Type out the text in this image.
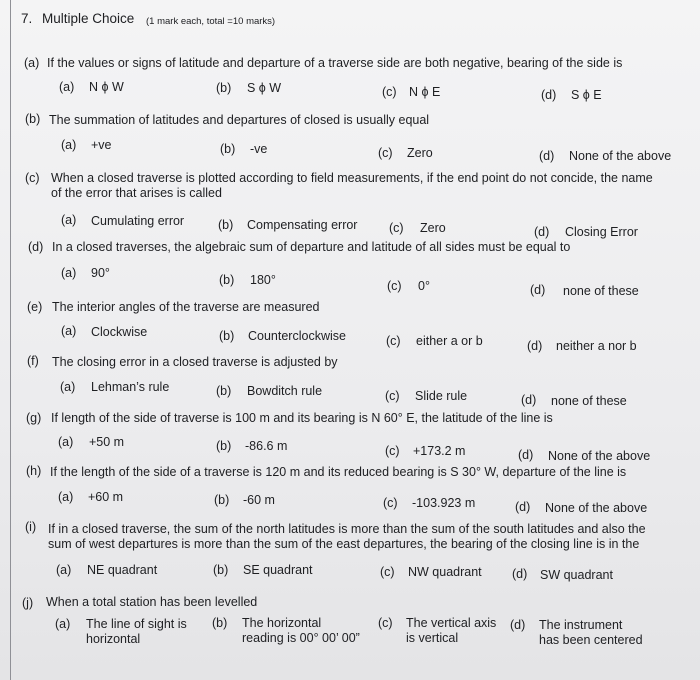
7. Multiple Choice (1 mark each, total =10 marks)
(a) If the values or signs of latitude and departure of a traverse side are both negative, bearing of the side is
(a) N ϕ W	(b) S ϕ W	(c) N ϕ E	(d) S ϕ E
(b) The summation of latitudes and departures of closed is usually equal
(a) +ve	(b) -ve	(c) Zero	(d) None of the above
(c) When a closed traverse is plotted according to field measurements, if the end point do not concide, the name
of the error that arises is called
(a) Cumulating error	(b) Compensating error	(c) Zero	(d) Closing Error
(d) In a closed traverses, the algebraic sum of departure and latitude of all sides must be equal to
(a) 90°	(b) 180°	(c) 0°	(d) none of these
(e) The interior angles of the traverse are measured
(a) Clockwise	(b) Counterclockwise	(c) either a or b	(d) neither a nor b
(f) The closing error in a closed traverse is adjusted by
(a) Lehman’s rule	(b) Bowditch rule	(c) Slide rule	(d) none of these
(g) If length of the side of traverse is 100 m and its bearing is N 60° E, the latitude of the line is
(a) +50 m	(b) -86.6 m	(c) +173.2 m	(d) None of the above
(h) If the length of the side of a traverse is 120 m and its reduced bearing is S 30° W, departure of the line is
(a) +60 m	(b) -60 m	(c) -103.923 m	(d) None of the above
(i) If in a closed traverse, the sum of the north latitudes is more than the sum of the south latitudes and also the
sum of west departures is more than the sum of the east departures, the bearing of the closing line is in the
(a) NE quadrant	(b) SE quadrant	(c) NW quadrant (d) SW quadrant
(j) When a total station has been levelled
(a) The line of sight is
horizontal
(b) The horizontal
reading is 00° 00’ 00”
(c) The vertical axis
is vertical
(d) The instrument
has been centered
